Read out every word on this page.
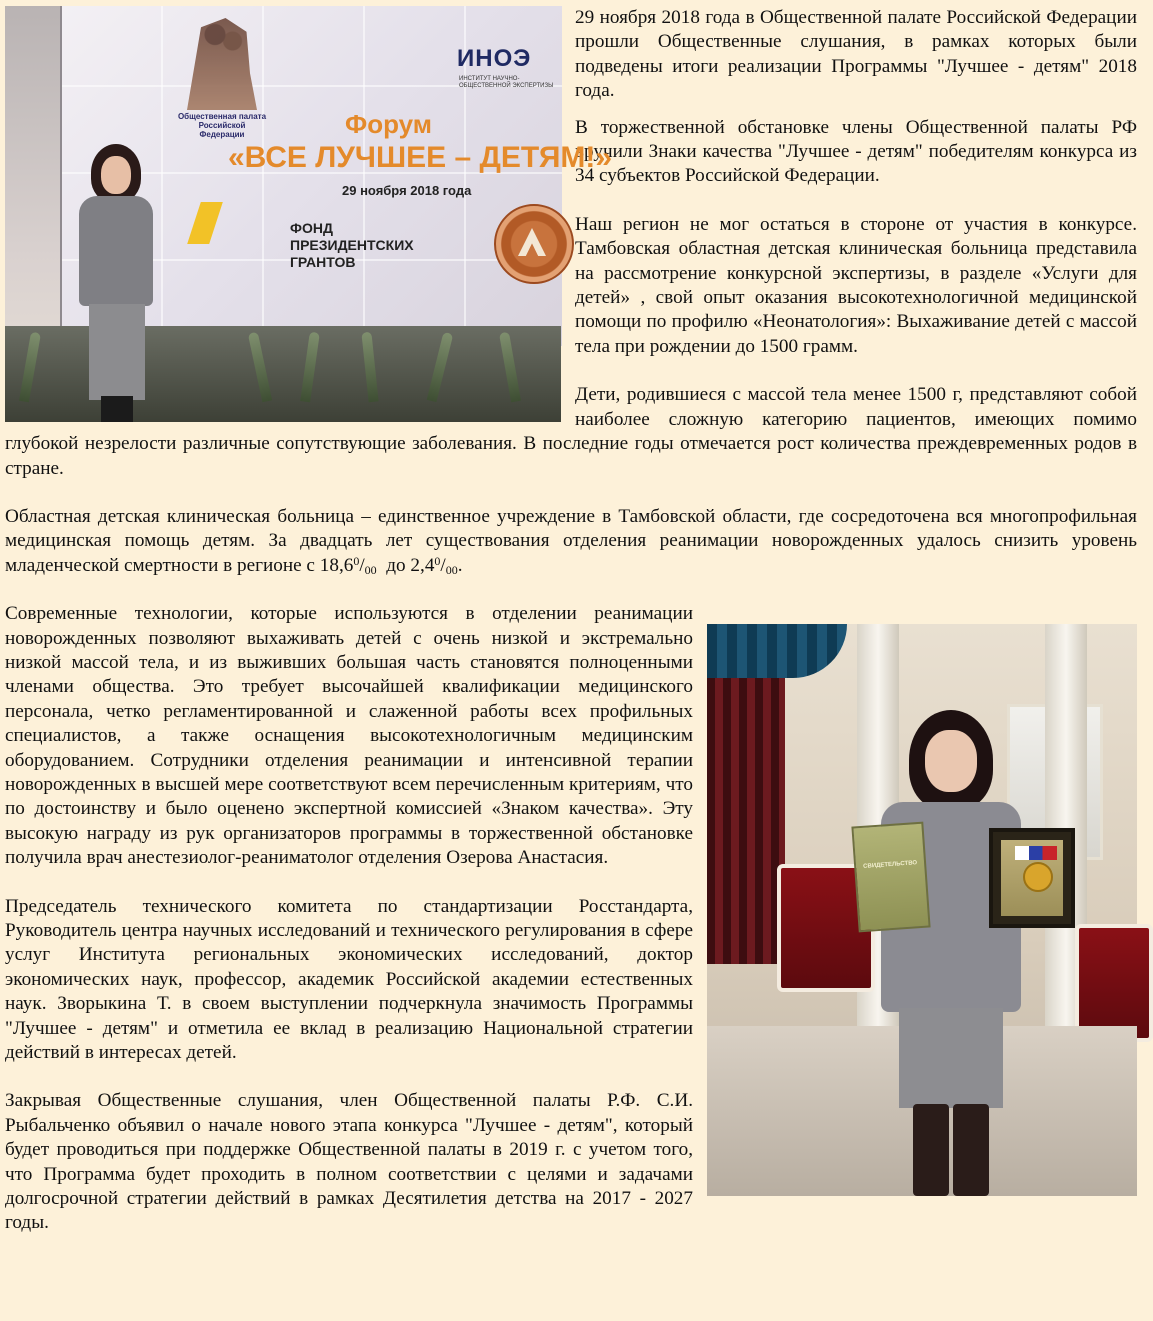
Общественная палата Российской Федерации
ИНОЭ
ИНСТИТУТ НАУЧНО-ОБЩЕСТВЕННОЙ ЭКСПЕРТИЗЫ
Форум
«ВСЕ ЛУЧШЕЕ – ДЕТЯМ!»
29 ноября 2018 года
ФОНД
ПРЕЗИДЕНТСКИХ
ГРАНТОВ

29 ноября 2018 года в Общественной палате Российской Федерации прошли Общественные слушания, в рамках которых были подведены итоги реализации Программы "Лучшее - детям" 2018 года.

В торжественной обстановке члены Общественной палаты РФ вручили Знаки качества "Лучшее - детям" победителям конкурса из 34 субъектов Российской Федерации.

Наш регион не мог остаться в стороне от участия в конкурсе. Тамбовская областная детская клиническая больница представила на рассмотрение конкурсной экспертизы, в разделе «Услуги для детей» , свой опыт оказания высокотехнологичной медицинской помощи по профилю «Неонатология»: Выхаживание детей с массой тела при рождении до 1500 грамм.

Дети, родившиеся с массой тела менее 1500 г, представляют собой наиболее сложную категорию пациентов, имеющих помимо глубокой незрелости различные сопутствующие заболевания. В последние годы отмечается рост количества преждевременных родов в стране.

Областная детская клиническая больница – единственное учреждение в Тамбовской области, где сосредоточена вся многопрофильная медицинская помощь детям. За двадцать лет существования отделения реанимации новорожденных удалось снизить уровень младенческой смертности в регионе с $18,6^0/_{00}$ до $2,4^0/_{00}$.

СВИДЕТЕЛЬСТВО

Современные технологии, которые используются в отделении реанимации новорожденных позволяют выхаживать детей с очень низкой и экстремально низкой массой тела, и из выживших большая часть становятся полноценными членами общества. Это требует высочайшей квалификации медицинского персонала, четко регламентированной и слаженной работы всех профильных специалистов, а также оснащения высокотехнологичным медицинским оборудованием. Сотрудники отделения реанимации и интенсивной терапии новорожденных в высшей мере соответствуют всем перечисленным критериям, что по достоинству и было оценено экспертной комиссией «Знаком качества». Эту высокую награду из рук организаторов программы в торжественной обстановке получила врач анестезиолог-реаниматолог отделения Озерова Анастасия.

Председатель технического комитета по стандартизации Росстандарта, Руководитель центра научных исследований и технического регулирования в сфере услуг Института региональных экономических исследований, доктор экономических наук, профессор, академик Российской академии естественных наук. Зворыкина Т. в своем выступлении подчеркнула значимость Программы "Лучшее - детям" и отметила ее вклад в реализацию Национальной стратегии действий в интересах детей.

Закрывая Общественные слушания, член Общественной палаты Р.Ф. С.И. Рыбальченко объявил о начале нового этапа конкурса "Лучшее - детям", который будет проводиться при поддержке Общественной палаты в 2019 г. с учетом того, что Программа будет проходить в полном соответствии с целями и задачами долгосрочной стратегии действий в рамках Десятилетия детства на 2017 - 2027 годы.
